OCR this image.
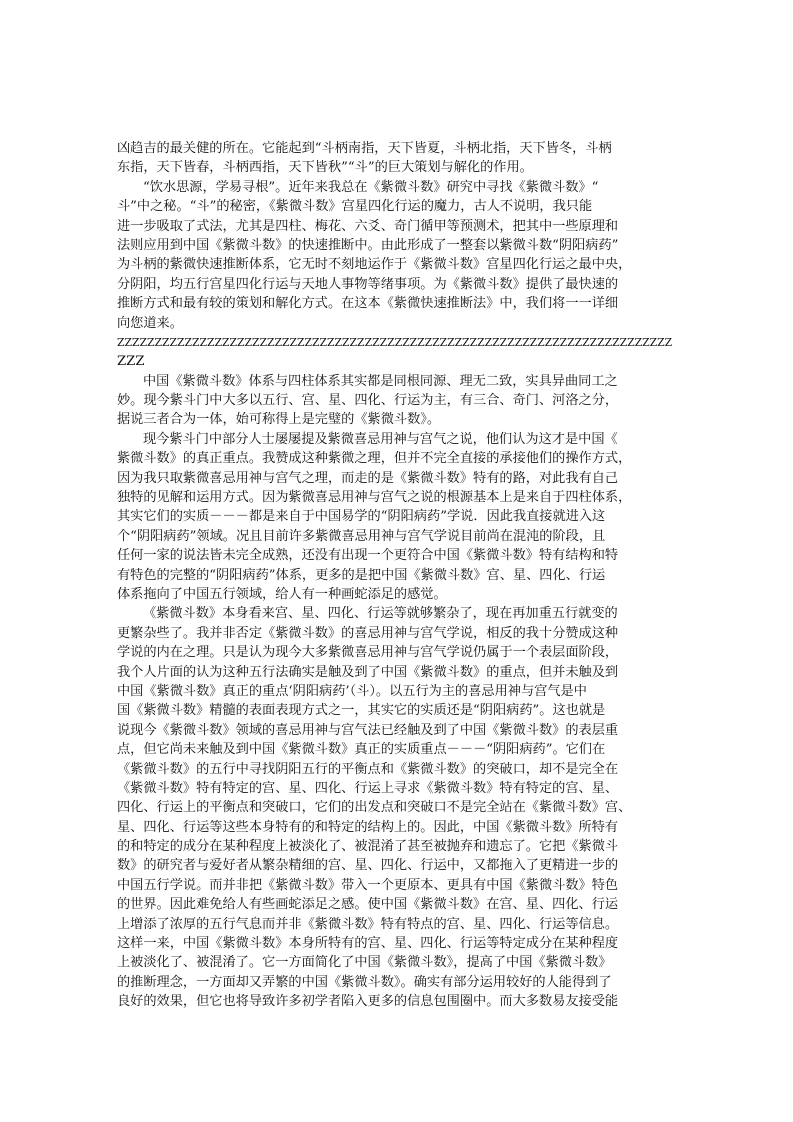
凶趋吉的最关健的所在。它能起到“斗柄南指，天下皆夏，斗柄北指，天下皆冬，斗柄
东指，天下皆春，斗柄西指，天下皆秋”“斗”的巨大策划与解化的作用。
“饮水思源，学易寻根”。近年来我总在《紫微斗数》研究中寻找《紫微斗数》“
斗”中之秘。“斗”的秘密，《紫微斗数》宫星四化行运的魔力，古人不说明，我只能
进一步吸取了式法，尤其是四柱、梅花、六爻、奇门循甲等预测术，把其中一些原理和
法则应用到中国《紫微斗数》的快速推断中。由此形成了一整套以紫微斗数“阴阳病药”
为斗柄的紫微快速推断体系，它无时不刻地运作于《紫微斗数》宫星四化行运之最中央，
分阴阳，均五行宫星四化行运与天地人事物等绪事项。为《紫微斗数》提供了最快速的
推断方式和最有较的策划和解化方式。在这本《紫微快速推断法》中，我们将一一详细
向您道来。
ZZZZZZZZZZZZZZZZZZZZZZZZZZZZZZZZZZZZZZZZZZZZZZZZZZZZZZZZZZZZZZZZZZZZZZZZZZ
ZZZ
中国《紫微斗数》体系与四柱体系其实都是同根同源、理无二致，实具异曲同工之
妙。现今紫斗门中大多以五行、宫、星、四化、行运为主，有三合、奇门、河洛之分，
据说三者合为一体，始可称得上是完璧的《紫微斗数》。
现今紫斗门中部分人士屡屡提及紫微喜忌用神与宫气之说，他们认为这才是中国《
紫微斗数》的真正重点。我赞成这种紫微之理，但并不完全直接的承接他们的操作方式，
因为我只取紫微喜忌用神与宫气之理，而走的是《紫微斗数》特有的路，对此我有自己
独特的见解和运用方式。因为紫微喜忌用神与宫气之说的根源基本上是来自于四柱体系，
其实它们的实质－－－都是来自于中国易学的“阴阳病药”学说．因此我直接就进入这
个“阴阳病药”领域。况且目前许多紫微喜忌用神与宫气学说目前尚在混沌的阶段，且
任何一家的说法皆未完全成熟，还没有出现一个更符合中国《紫微斗数》特有结构和特
有特色的完整的“阴阳病药”体系，更多的是把中国《紫微斗数》宫、星、四化、行运
体系拖向了中国五行领域，给人有一种画蛇添足的感觉。
《紫微斗数》本身看来宫、星、四化、行运等就够繁杂了，现在再加重五行就变的
更繁杂些了。我并非否定《紫微斗数》的喜忌用神与宫气学说，相反的我十分赞成这种
学说的内在之理。只是认为现今大多紫微喜忌用神与宫气学说仍属于一个表层面阶段，
我个人片面的认为这种五行法确实是触及到了中国《紫微斗数》的重点，但并未触及到
中国《紫微斗数》真正的重点‘阴阳病药’（斗）。以五行为主的喜忌用神与宫气是中
国《紫微斗数》精髓的表面表现方式之一，其实它的实质还是“阴阳病药”。这也就是
说现今《紫微斗数》领域的喜忌用神与宫气法已经触及到了中国《紫微斗数》的表层重
点，但它尚未来触及到中国《紫微斗数》真正的实质重点－－－“阴阳病药”。它们在
《紫微斗数》的五行中寻找阴阳五行的平衡点和《紫微斗数》的突破口，却不是完全在
《紫微斗数》特有特定的宫、星、四化、行运上寻求《紫微斗数》特有特定的宫、星、
四化、行运上的平衡点和突破口，它们的出发点和突破口不是完全站在《紫微斗数》宫、
星、四化、行运等这些本身特有的和特定的结构上的。因此，中国《紫微斗数》所特有
的和特定的成分在某种程度上被淡化了、被混淆了甚至被抛弃和遗忘了。它把《紫微斗
数》的研究者与爱好者从繁杂精细的宫、星、四化、行运中，又都拖入了更精进一步的
中国五行学说。而并非把《紫微斗数》带入一个更原本、更具有中国《紫微斗数》特色
的世界。因此难免给人有些画蛇添足之感。使中国《紫微斗数》在宫、星、四化、行运
上增添了浓厚的五行气息而并非《紫微斗数》特有特点的宫、星、四化、行运等信息。
这样一来，中国《紫微斗数》本身所特有的宫、星、四化、行运等特定成分在某种程度
上被淡化了、被混淆了。它一方面简化了中国《紫微斗数》，提高了中国《紫微斗数》
的推断理念，一方面却又弄繁的中国《紫微斗数》。确实有部分运用较好的人能得到了
良好的效果，但它也将导致许多初学者陷入更多的信息包围圈中。而大多数易友接受能
